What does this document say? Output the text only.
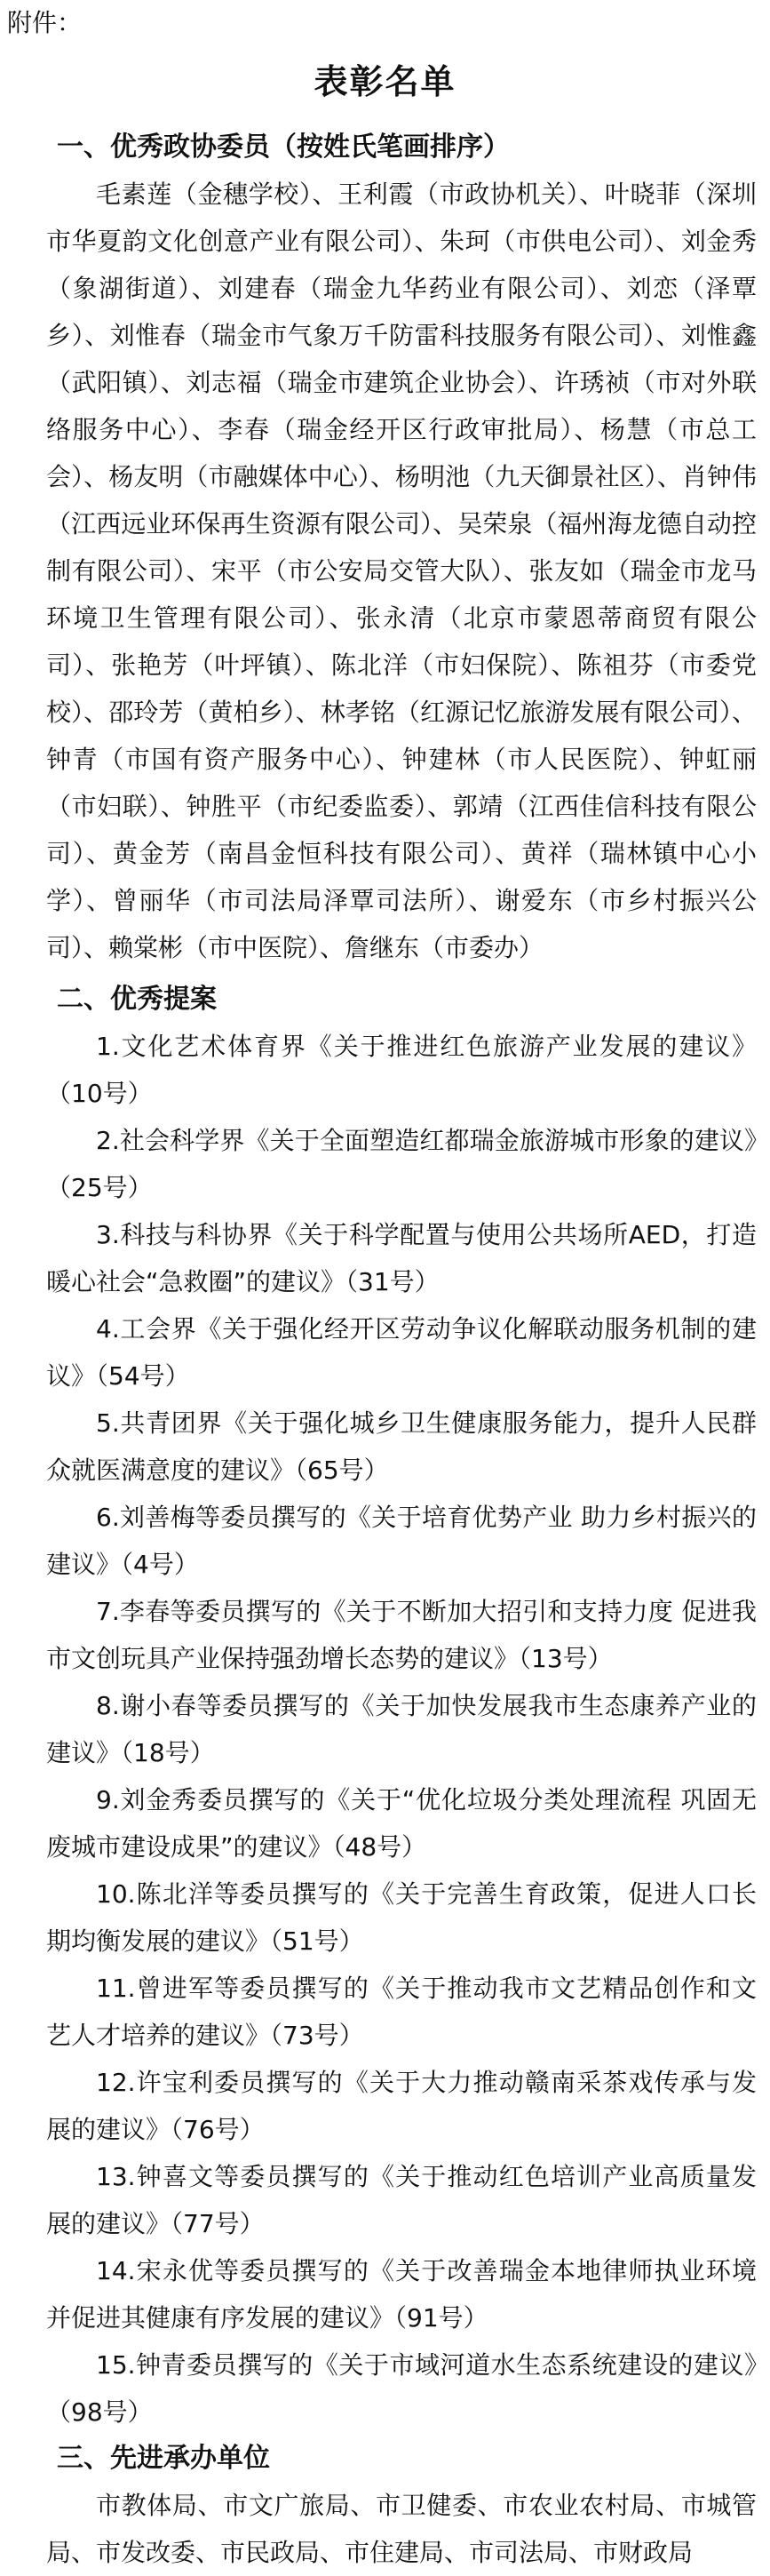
附件：
表彰名单
一、优秀政协委员（按姓氏笔画排序）

毛素莲（金穗学校）、王利霞（市政协机关）、叶晓菲（深圳市华夏韵文化创意产业有限公司）、朱珂（市供电公司）、刘金秀（象湖街道）、刘建春（瑞金九华药业有限公司）、刘恋（泽覃乡）、刘惟春（瑞金市气象万千防雷科技服务有限公司）、刘惟鑫（武阳镇）、刘志福（瑞金市建筑企业协会）、许琇祯（市对外联络服务中心）、李春（瑞金经开区行政审批局）、杨慧（市总工会）、杨友明（市融媒体中心）、杨明池（九天御景社区）、肖钟伟（江西远业环保再生资源有限公司）、吴荣泉（福州海龙德自动控制有限公司）、宋平（市公安局交管大队）、张友如（瑞金市龙马环境卫生管理有限公司）、张永清（北京市蒙恩蒂商贸有限公司）、张艳芳（叶坪镇）、陈北洋（市妇保院）、陈祖芬（市委党校）、邵玲芳（黄柏乡）、林孝铭（红源记忆旅游发展有限公司）、钟青（市国有资产服务中心）、钟建林（市人民医院）、钟虹丽（市妇联）、钟胜平（市纪委监委）、郭靖（江西佳信科技有限公司）、黄金芳（南昌金恒科技有限公司）、黄祥（瑞林镇中心小学）、曾丽华（市司法局泽覃司法所）、谢爱东（市乡村振兴公司）、赖棠彬（市中医院）、詹继东（市委办）

二、优秀提案

1.文化艺术体育界《关于推进红色旅游产业发展的建议》（10号）

2.社会科学界《关于全面塑造红都瑞金旅游城市形象的建议》（25号）

3.科技与科协界《关于科学配置与使用公共场所AED，打造暖心社会“急救圈”的建议》（31号）

4.工会界《关于强化经开区劳动争议化解联动服务机制的建议》（54号）

5.共青团界《关于强化城乡卫生健康服务能力，提升人民群众就医满意度的建议》（65号）

6.刘善梅等委员撰写的《关于培育优势产业 助力乡村振兴的建议》（4号）

7.李春等委员撰写的《关于不断加大招引和支持力度 促进我市文创玩具产业保持强劲增长态势的建议》（13号）

8.谢小春等委员撰写的《关于加快发展我市生态康养产业的建议》（18号）

9.刘金秀委员撰写的《关于“优化垃圾分类处理流程 巩固无废城市建设成果”的建议》（48号）

10.陈北洋等委员撰写的《关于完善生育政策，促进人口长期均衡发展的建议》（51号）

11.曾进军等委员撰写的《关于推动我市文艺精品创作和文艺人才培养的建议》（73号）

12.许宝利委员撰写的《关于大力推动赣南采茶戏传承与发展的建议》（76号）

13.钟喜文等委员撰写的《关于推动红色培训产业高质量发展的建议》（77号）

14.宋永优等委员撰写的《关于改善瑞金本地律师执业环境并促进其健康有序发展的建议》（91号）

15.钟青委员撰写的《关于市域河道水生态系统建设的建议》（98号）

三、先进承办单位

市教体局、市文广旅局、市卫健委、市农业农村局、市城管局、市发改委、市民政局、市住建局、市司法局、市财政局
